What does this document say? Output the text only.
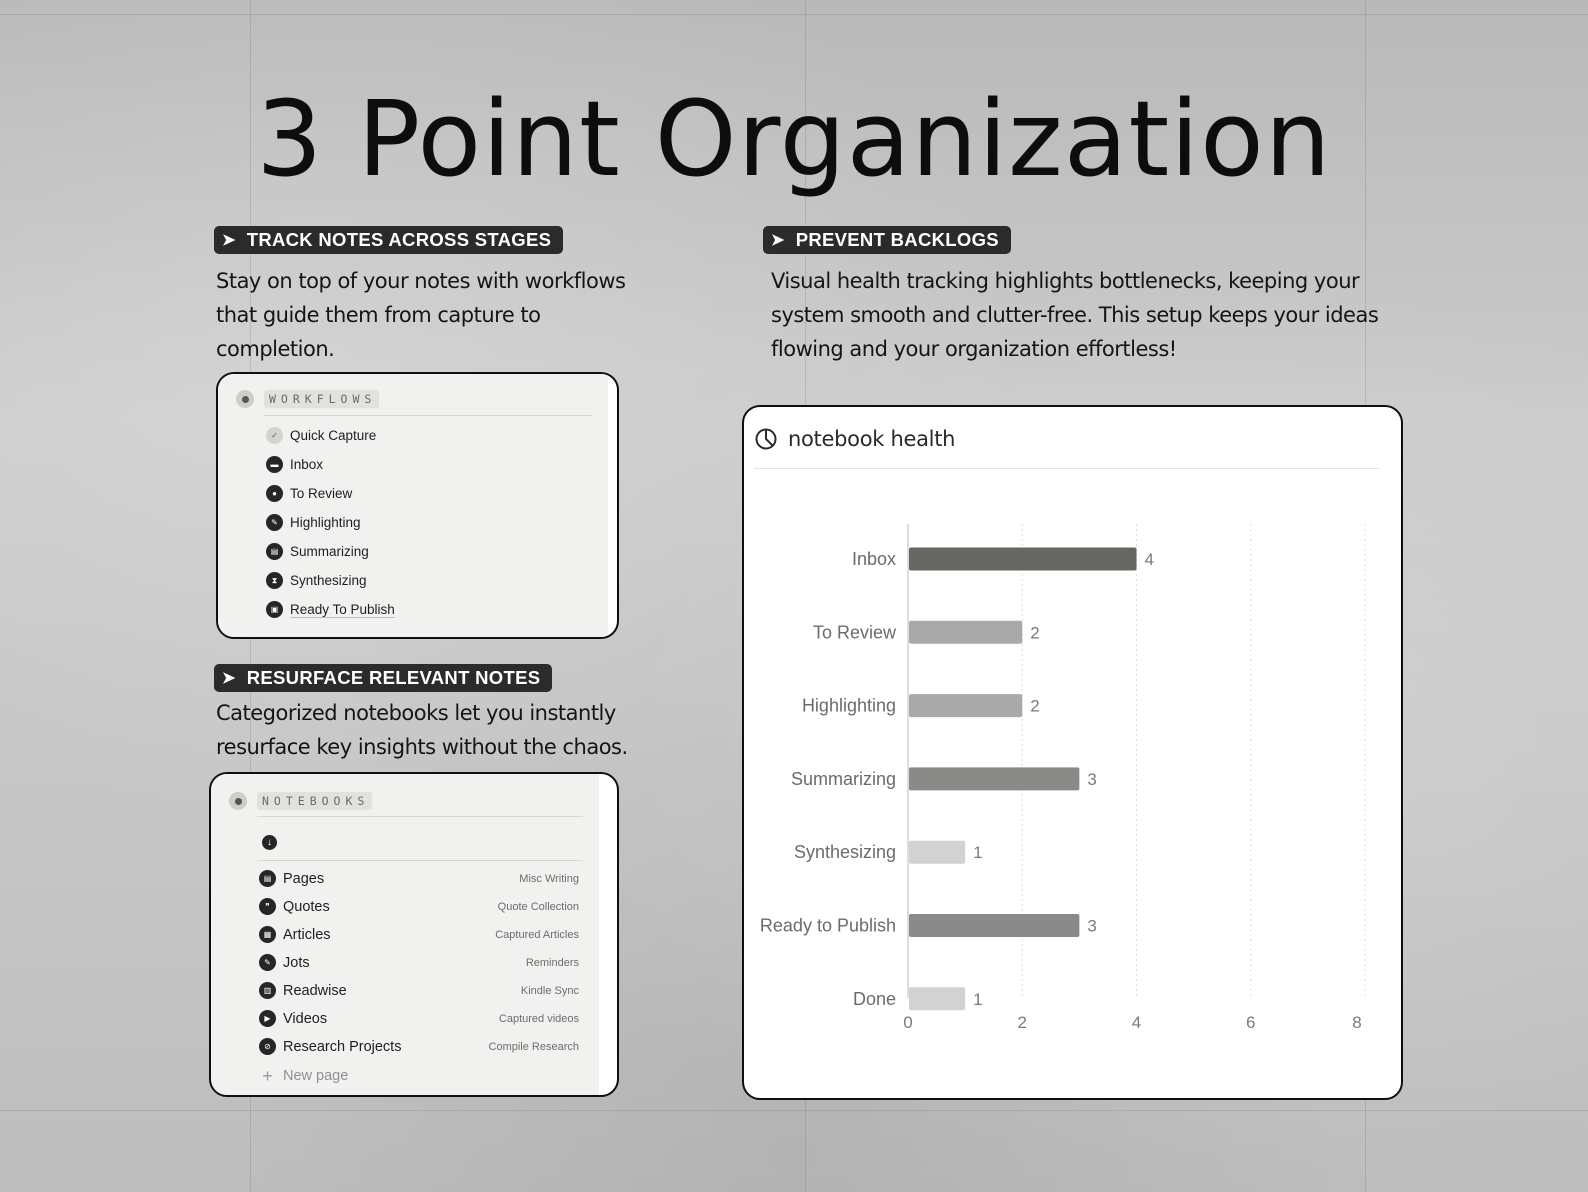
3 Point Organization
➤ TRACK NOTES ACROSS STAGES
Stay on top of your notes with workflows
that guide them from capture to
completion.
WORKFLOWS
✓ Quick Capture
▬ Inbox
● To Review
✎ Highlighting
▤ Summarizing
⧗ Synthesizing
▣ Ready To Publish
➤ RESURFACE RELEVANT NOTES
Categorized notebooks let you instantly
resurface key insights without the chaos.
NOTEBOOKS
↓
▤ Pages	Misc Writing
❞ Quotes	Quote Collection
▦ Articles	Captured Articles
✎ Jots	Reminders
▥ Readwise	Kindle Sync
▶ Videos	Captured videos
⊘ Research Projects	Compile Research
+ New page
➤ PREVENT BACKLOGS
Visual health tracking highlights bottlenecks, keeping your
system smooth and clutter-free. This setup keeps your ideas
flowing and your organization effortless!
notebook health
Inbox	4
To Review	2
Highlighting	2
Summarizing	3
Synthesizing	1
Ready to Publish	3
Done	1
0	2	4	6	8
